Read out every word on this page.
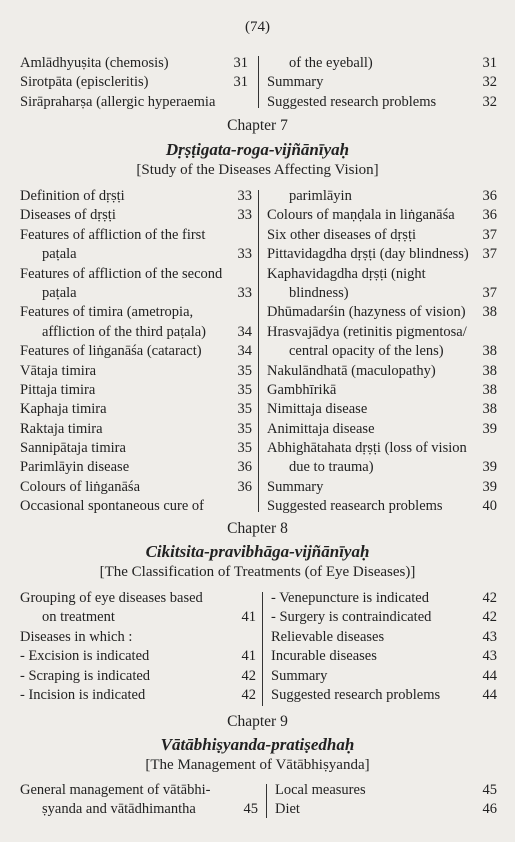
(74)
Amlādhyuṣita (chemosis)	31
Sirotpāta (episcleritis)	31
Sirāpraharṣa (allergic hyperaemia
of the eyeball)	31
Summary	32
Suggested research problems	32
Chapter 7
Dṛṣṭigata-roga-vijñānīyaḥ
[Study of the Diseases Affecting Vision]
Definition of dṛṣṭi	33
Diseases of dṛṣṭi	33
Features of affliction of the first
paṭala	33
Features of affliction of the second
paṭala	33
Features of timira (ametropia,
affliction of the third paṭala) 34
Features of liṅganāśa (cataract) 34
Vātaja timira	35
Pittaja timira	35
Kaphaja timira	35
Raktaja timira	35
Sannipātaja timira	35
Parimlāyin disease	36
Colours of liṅganāśa	36
Occasional spontaneous cure of
parimlāyin	36
Colours of maṇḍala in liṅganāśa 36
Six other diseases of dṛṣṭi	37
Pittavidagdha dṛṣṭi (day blindness) 37
Kaphavidagdha dṛṣṭi (night
blindness)	37
Dhūmadarśin (hazyness of vision) 38
Hrasvajādya (retinitis pigmentosa/
central opacity of the lens)	38
Nakulāndhatā (maculopathy)	38
Gambhīrikā	38
Nimittaja disease	38
Animittaja disease	39
Abhighātahata dṛṣṭi (loss of vision
due to trauma)	39
Summary	39
Suggested reasearch problems	40
Chapter 8
Cikitsita-pravibhāga-vijñānīyaḥ
[The Classification of Treatments (of Eye Diseases)]
Grouping of eye diseases based
on treatment	41
Diseases in which :
- Excision is indicated	41
- Scraping is indicated	42
- Incision is indicated	42
- Venepuncture is indicated	42
- Surgery is contraindicated	42
Relievable diseases	43
Incurable diseases	43
Summary	44
Suggested research problems	44
Chapter 9
Vātābhiṣyanda-pratiṣedhaḥ
[The Management of Vātābhiṣyanda]
General management of vātābhi-
ṣyanda and vātādhimantha	45
Local measures	45
Diet	46
